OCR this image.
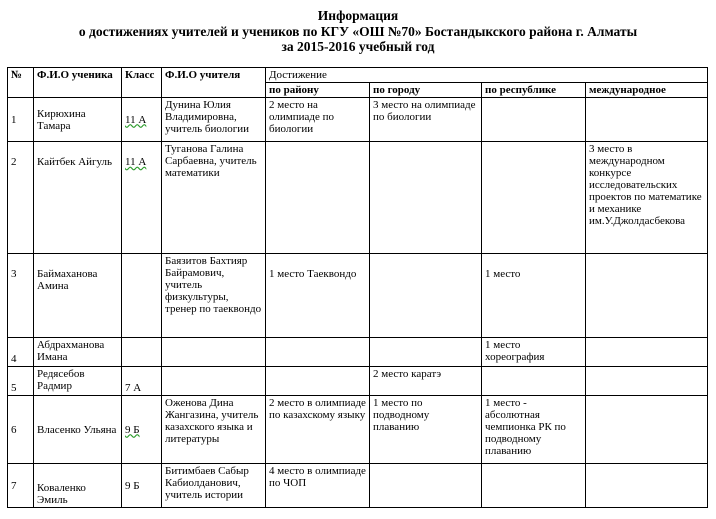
Информация
о достижениях учителей и учеников по КГУ «ОШ №70» Бостандыкского района г. Алматы
за 2015-2016 учебный год
№	Ф.И.О ученика	Класс	Ф.И.О учителя	Достижение			
				по району	по городу	по республике	международное
1	Кирюхина Тамара	11 А	Дунина Юлия Владимировна, учитель биологии	2 место на олимпиаде по биологии	3 место на олимпиаде по биологии		
2	Кайтбек Айгуль	11 А	Туганова Галина Сарбаевна, учитель математики				3 место в международном конкурсе исследовательских проектов по математике и механике им.У.Джолдасбекова
3	Баймаханова Амина		Баязитов Бахтияр Байрамович, учитель физкультуры, тренер по таеквондо	1 место Таеквондо		1 место	
4	Абдрахманова Имана					1 место хореография	
5	Редясебов Радмир	7 А			2 место каратэ		
6	Власенко Ульяна	9 Б	Оженова Дина Жангазина, учитель казахского языка и литературы	2 место в олимпиаде по казахскому языку	1 место по подводному плаванию	1 место - абсолютная чемпионка РК по подводному плаванию	
7	Коваленко Эмиль	9 Б	Битимбаев Сабыр Кабиолданович, учитель истории	4 место в олимпиаде по ЧОП			
